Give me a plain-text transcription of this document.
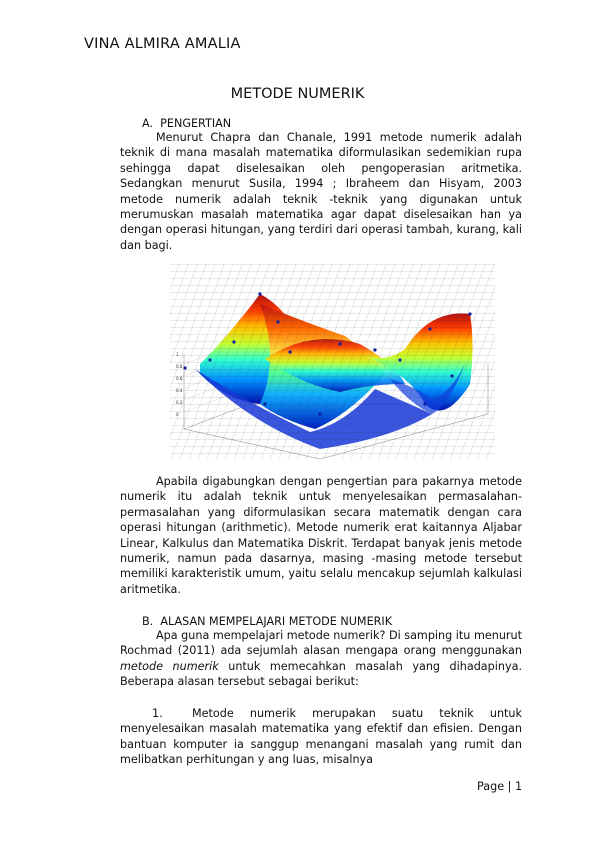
VINA ALMIRA AMALIA
METODE NUMERIK
A. PENGERTIAN
Menurut Chapra dan Chanale, 1991 metode numerik adalah teknik di mana masalah matematika diformulasikan sedemikian rupa sehingga dapat diselesaikan oleh pengoperasian aritmetika. Sedangkan menurut Susila, 1994 ; Ibraheem dan Hisyam, 2003 metode numerik adalah teknik -teknik yang digunakan untuk merumuskan masalah matematika agar dapat diselesaikan han ya dengan operasi hitungan, yang terdiri dari operasi tambah, kurang, kali dan bagi.
Apabila digabungkan dengan pengertian para pakarnya metode numerik itu adalah teknik untuk menyelesaikan permasalahan-permasalahan yang diformulasikan secara matematik dengan cara operasi hitungan (arithmetic). Metode numerik erat kaitannya Aljabar Linear, Kalkulus dan Matematika Diskrit. Terdapat banyak jenis metode numerik, namun pada dasarnya, masing -masing metode tersebut memiliki karakteristik umum, yaitu selalu mencakup sejumlah kalkulasi aritmetika.
B. ALASAN MEMPELAJARI METODE NUMERIK
Apa guna mempelajari metode numerik? Di samping itu menurut Rochmad (2011) ada sejumlah alasan mengapa orang menggunakan metode numerik untuk memecahkan masalah yang dihadapinya. Beberapa alasan tersebut sebagai berikut:
1.	Metode numerik merupakan suatu teknik untuk menyelesaikan masalah matematika yang efektif dan efisien. Dengan bantuan komputer ia sanggup menangani masalah yang rumit dan melibatkan perhitungan y ang luas, misalnya
Page | 1
